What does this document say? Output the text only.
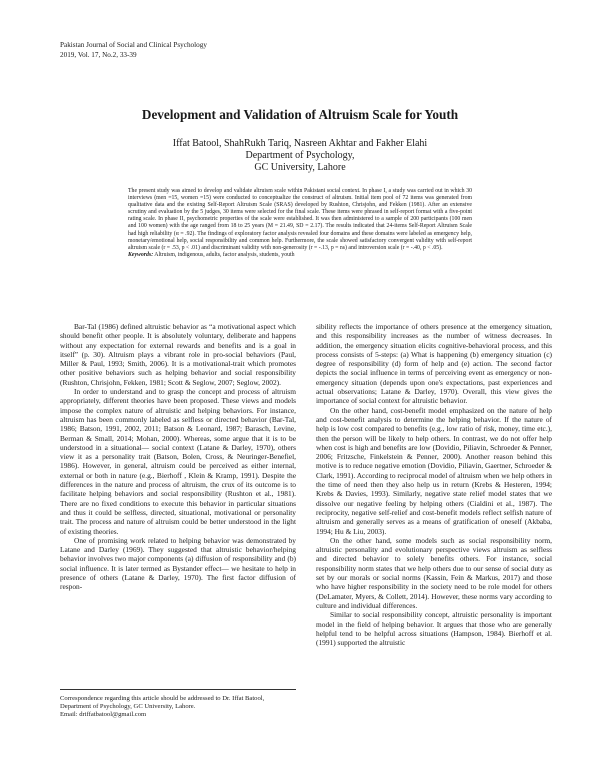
Pakistan Journal of Social and Clinical Psychology
2019, Vol. 17, No.2, 33-39
Development and Validation of Altruism Scale for Youth
Iffat Batool, ShahRukh Tariq, Nasreen Akhtar and Fakher Elahi
Department of Psychology,
GC University, Lahore

The present study was aimed to develop and validate altruism scale within Pakistani social context. In phase I, a study was carried out in which 30 interviews (men =15, women =15) were conducted to conceptualize the construct of altruism. Initial item pool of 72 items was generated from qualitative data and the existing Self-Report Altruism Scale (SRAS) developed by Rushton, Chrisjohn, and Fekken (1981). After an extensive scrutiny and evaluation by the 5 judges, 30 items were selected for the final scale. These items were phrased in self-report format with a five-point rating scale. In phase II, psychometric properties of the scale were established. It was then administered to a sample of 200 participants (100 men and 100 women) with the age ranged from 18 to 25 years (M = 21.49, SD = 2.17). The results indicated that 24-items Self-Report Altruism Scale had high reliability (α = .92). The findings of exploratory factor analysis revealed four domains and these domains were labeled as emergency help, monetary/emotional help, social responsibility and common help. Furthermore, the scale showed satisfactory convergent validity with self-report altruism scale (r = .53, p < .01) and discriminant validity with non-generosity (r = -.13, p = ns) and introversion scale (r = -.40, p < .05).

Keywords: Altruism, indigenous, adults, factor analysis, students, youth

Bar-Tal (1986) defined altruistic behavior as “a motivational aspect which should benefit other people. It is absolutely voluntary, deliberate and happens without any expectation for external rewards and benefits and is a goal in itself” (p. 30). Altruism plays a vibrant role in pro-social behaviors (Paul, Miller & Paul, 1993; Smith, 2006). It is a motivational-trait which promotes other positive behaviors such as helping behavior and social responsibility (Rushton, Chrisjohn, Fekken, 1981; Scott & Seglow, 2007; Seglow, 2002).

In order to understand and to grasp the concept and process of altruism appropriately, different theories have been proposed. These views and models impose the complex nature of altruistic and helping behaviors. For instance, altruism has been commonly labeled as selfless or directed behavior (Bar-Tal, 1986; Batson, 1991, 2002, 2011; Batson & Leonard, 1987; Barasch, Levine, Berman & Small, 2014; Mohan, 2000). Whereas, some argue that it is to be understood in a situational— social context (Latane & Darley, 1970), others view it as a personality trait (Batson, Bolen, Cross, & Neuringer-Benefiel, 1986). However, in general, altruism could be perceived as either internal, external or both in nature (e.g., Bierhoff , Klein & Kramp, 1991). Despite the differences in the nature and process of altruism, the crux of its outcome is to facilitate helping behaviors and social responsibility (Rushton et al., 1981). There are no fixed conditions to execute this behavior in particular situations and thus it could be selfless, directed, situational, motivational or personality trait. The process and nature of altruism could be better understood in the light of existing theories.

One of promising work related to helping behavior was demonstrated by Latane and Darley (1969). They suggested that altruistic behavior/helping behavior involves two major components (a) diffusion of responsibility and (b) social influence. It is later termed as Bystander effect— we hesitate to help in presence of others (Latane & Darley, 1970). The first factor diffusion of respon-

sibility reflects the importance of others presence at the emergency situation, and this responsibility increases as the number of witness decreases. In addition, the emergency situation elicits cognitive-behavioral process, and this process consists of 5-steps: (a) What is happening (b) emergency situation (c) degree of responsibility (d) form of help and (e) action. The second factor depicts the social influence in terms of perceiving event as emergency or non-emergency situation (depends upon one's expectations, past experiences and actual observations; Latane & Darley, 1970). Overall, this view gives the importance of social context for altruistic behavior.

On the other hand, cost-benefit model emphasized on the nature of help and cost-benefit analysis to determine the helping behavior. If the nature of help is low cost compared to benefits (e.g., low ratio of risk, money, time etc.), then the person will be likely to help others. In contrast, we do not offer help when cost is high and benefits are low (Dovidio, Piliavin, Schroeder & Penner, 2006; Fritzsche, Finkelstein & Penner, 2000). Another reason behind this motive is to reduce negative emotion (Dovidio, Piliavin, Gaertner, Schroeder & Clark, 1991). According to reciprocal model of altruism when we help others in the time of need then they also help us in return (Krebs & Hesteren, 1994; Krebs & Davies, 1993). Similarly, negative state relief model states that we dissolve our negative feeling by helping others (Cialdini et al., 1987). The reciprocity, negative self-relief and cost-benefit models reflect selfish nature of altruism and generally serves as a means of gratification of oneself (Akbaba, 1994; Hu & Liu, 2003).

On the other hand, some models such as social responsibility norm, altruistic personality and evolutionary perspective views altruism as selfless and directed behavior to solely benefits others. For instance, social responsibility norm states that we help others due to our sense of social duty as set by our morals or social norms (Kassin, Fein & Markus, 2017) and those who have higher responsibility in the society need to be role model for others (DeLamater, Myers, & Collett, 2014). However, these norms vary according to culture and individual differences.

Similar to social responsibility concept, altruistic personality is important model in the field of helping behavior. It argues that those who are generally helpful tend to be helpful across situations (Hampson, 1984). Bierhoff et al. (1991) supported the altruistic

Correspondence regarding this article should be addressed to Dr. Iffat Batool, Department of Psychology, GC University, Lahore.
Email: driffatbatool@gmail.com
